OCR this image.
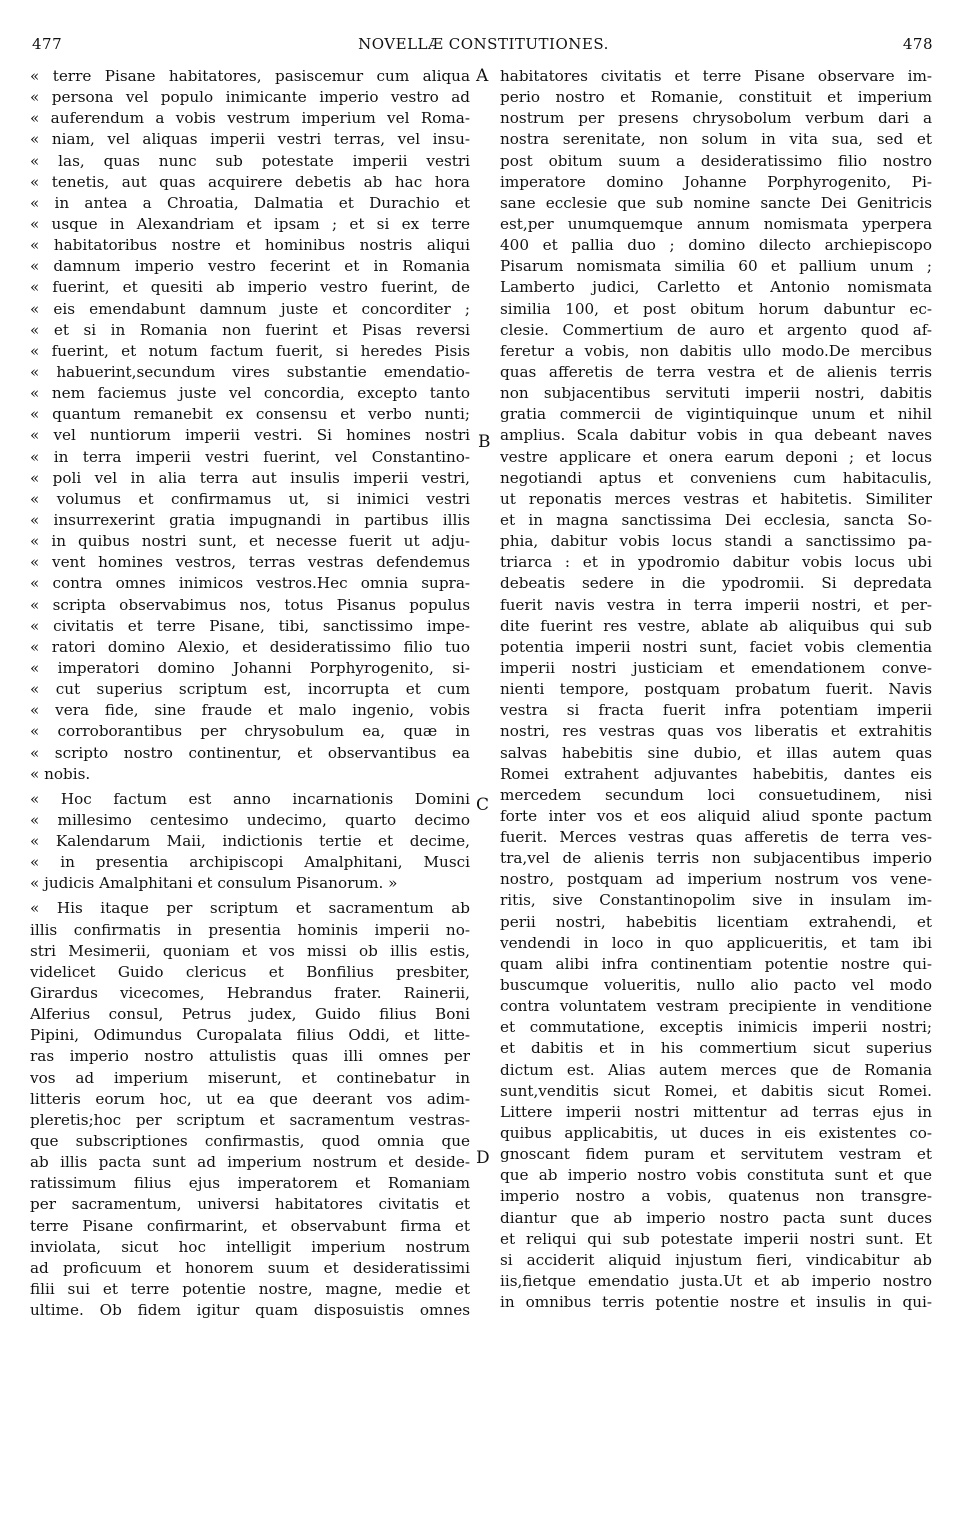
477	NOVELLÆ CONSTITUTIONES.	478
A
B
C
D
« terre Pisane habitatores, pasiscemur cum aliqua
« persona vel populo inimicante imperio vestro ad
« auferendum a vobis vestrum imperium vel Roma-
« niam, vel aliquas imperii vestri terras, vel insu-
« las, quas nunc sub potestate imperii vestri
« tenetis, aut quas acquirere debetis ab hac hora
« in antea a Chroatia, Dalmatia et Durachio et
« usque in Alexandriam et ipsam ; et si ex terre
« habitatoribus nostre et hominibus nostris aliqui
« damnum imperio vestro fecerint et in Romania
« fuerint, et quesiti ab imperio vestro fuerint, de
« eis emendabunt damnum juste et concorditer ;
« et si in Romania non fuerint et Pisas reversi
« fuerint, et notum factum fuerit, si heredes Pisis
« habuerint,secundum vires substantie emendatio-
« nem faciemus juste vel concordia, excepto tanto
« quantum remanebit ex consensu et verbo nunti;
« vel nuntiorum imperii vestri. Si homines nostri
« in terra imperii vestri fuerint, vel Constantino-
« poli vel in alia terra aut insulis imperii vestri,
« volumus et confirmamus ut, si inimici vestri
« insurrexerint gratia impugnandi in partibus illis
« in quibus nostri sunt, et necesse fuerit ut adju-
« vent homines vestros, terras vestras defendemus
« contra omnes inimicos vestros.Hec omnia supra-
« scripta observabimus nos, totus Pisanus populus
« civitatis et terre Pisane, tibi, sanctissimo impe-
« ratori domino Alexio, et desideratissimo filio tuo
« imperatori domino Johanni Porphyrogenito, si-
« cut superius scriptum est, incorrupta et cum
« vera fide, sine fraude et malo ingenio, vobis
« corroborantibus per chrysobulum ea, quæ in
« scripto nostro continentur, et observantibus ea
« nobis.
« Hoc factum est anno incarnationis Domini
« millesimo centesimo undecimo, quarto decimo
« Kalendarum Maii, indictionis tertie et decime,
« in presentia archipiscopi Amalphitani, Musci
« judicis Amalphitani et consulum Pisanorum. »
« His itaque per scriptum et sacramentum ab
illis confirmatis in presentia hominis imperii no-
stri Mesimerii, quoniam et vos missi ob illis estis,
videlicet Guido clericus et Bonfilius presbiter,
Girardus vicecomes, Hebrandus frater. Rainerii,
Alferius consul, Petrus judex, Guido filius Boni
Pipini, Odimundus Curopalata filius Oddi, et litte-
ras imperio nostro attulistis quas illi omnes per
vos ad imperium miserunt, et continebatur in
litteris eorum hoc, ut ea que deerant vos adim-
pleretis;hoc per scriptum et sacramentum vestras-
que subscriptiones confirmastis, quod omnia que
ab illis pacta sunt ad imperium nostrum et deside-
ratissimum filius ejus imperatorem et Romaniam
per sacramentum, universi habitatores civitatis et
terre Pisane confirmarint, et observabunt firma et
inviolata, sicut hoc intelligit imperium nostrum
ad proficuum et honorem suum et desideratissimi
filii sui et terre potentie nostre, magne, medie et
ultime. Ob fidem igitur quam disposuistis omnes
habitatores civitatis et terre Pisane observare im-
perio nostro et Romanie, constituit et imperium
nostrum per presens chrysobolum verbum dari a
nostra serenitate, non solum in vita sua, sed et
post obitum suum a desideratissimo filio nostro
imperatore domino Johanne Porphyrogenito, Pi-
sane ecclesie que sub nomine sancte Dei Genitricis
est,per unumquemque annum nomismata yperpera
400 et pallia duo ; domino dilecto archiepiscopo
Pisarum nomismata similia 60 et pallium unum ;
Lamberto judici, Carletto et Antonio nomismata
similia 100, et post obitum horum dabuntur ec-
clesie. Commertium de auro et argento quod af-
feretur a vobis, non dabitis ullo modo.De mercibus
quas afferetis de terra vestra et de alienis terris
non subjacentibus servituti imperii nostri, dabitis
gratia commercii de vigintiquinque unum et nihil
amplius. Scala dabitur vobis in qua debeant naves
vestre applicare et onera earum deponi ; et locus
negotiandi aptus et conveniens cum habitaculis,
ut reponatis merces vestras et habitetis. Similiter
et in magna sanctissima Dei ecclesia, sancta So-
phia, dabitur vobis locus standi a sanctissimo pa-
triarca : et in ypodromio dabitur vobis locus ubi
debeatis sedere in die ypodromii. Si depredata
fuerit navis vestra in terra imperii nostri, et per-
dite fuerint res vestre, ablate ab aliquibus qui sub
potentia imperii nostri sunt, faciet vobis clementia
imperii nostri justiciam et emendationem conve-
nienti tempore, postquam probatum fuerit. Navis
vestra si fracta fuerit infra potentiam imperii
nostri, res vestras quas vos liberatis et extrahitis
salvas habebitis sine dubio, et illas autem quas
Romei extrahent adjuvantes habebitis, dantes eis
mercedem secundum loci consuetudinem, nisi
forte inter vos et eos aliquid aliud sponte pactum
fuerit. Merces vestras quas afferetis de terra ves-
tra,vel de alienis terris non subjacentibus imperio
nostro, postquam ad imperium nostrum vos vene-
ritis, sive Constantinopolim sive in insulam im-
perii nostri, habebitis licentiam extrahendi, et
vendendi in loco in quo applicueritis, et tam ibi
quam alibi infra continentiam potentie nostre qui-
buscumque volueritis, nullo alio pacto vel modo
contra voluntatem vestram precipiente in venditione
et commutatione, exceptis inimicis imperii nostri;
et dabitis et in his commertium sicut superius
dictum est. Alias autem merces que de Romania
sunt,venditis sicut Romei, et dabitis sicut Romei.
Littere imperii nostri mittentur ad terras ejus in
quibus applicabitis, ut duces in eis existentes co-
gnoscant fidem puram et servitutem vestram et
que ab imperio nostro vobis constituta sunt et que
imperio nostro a vobis, quatenus non transgre-
diantur que ab imperio nostro pacta sunt duces
et reliqui qui sub potestate imperii nostri sunt. Et
si acciderit aliquid injustum fieri, vindicabitur ab
iis,fietque emendatio justa.Ut et ab imperio nostro
in omnibus terris potentie nostre et insulis in qui-
